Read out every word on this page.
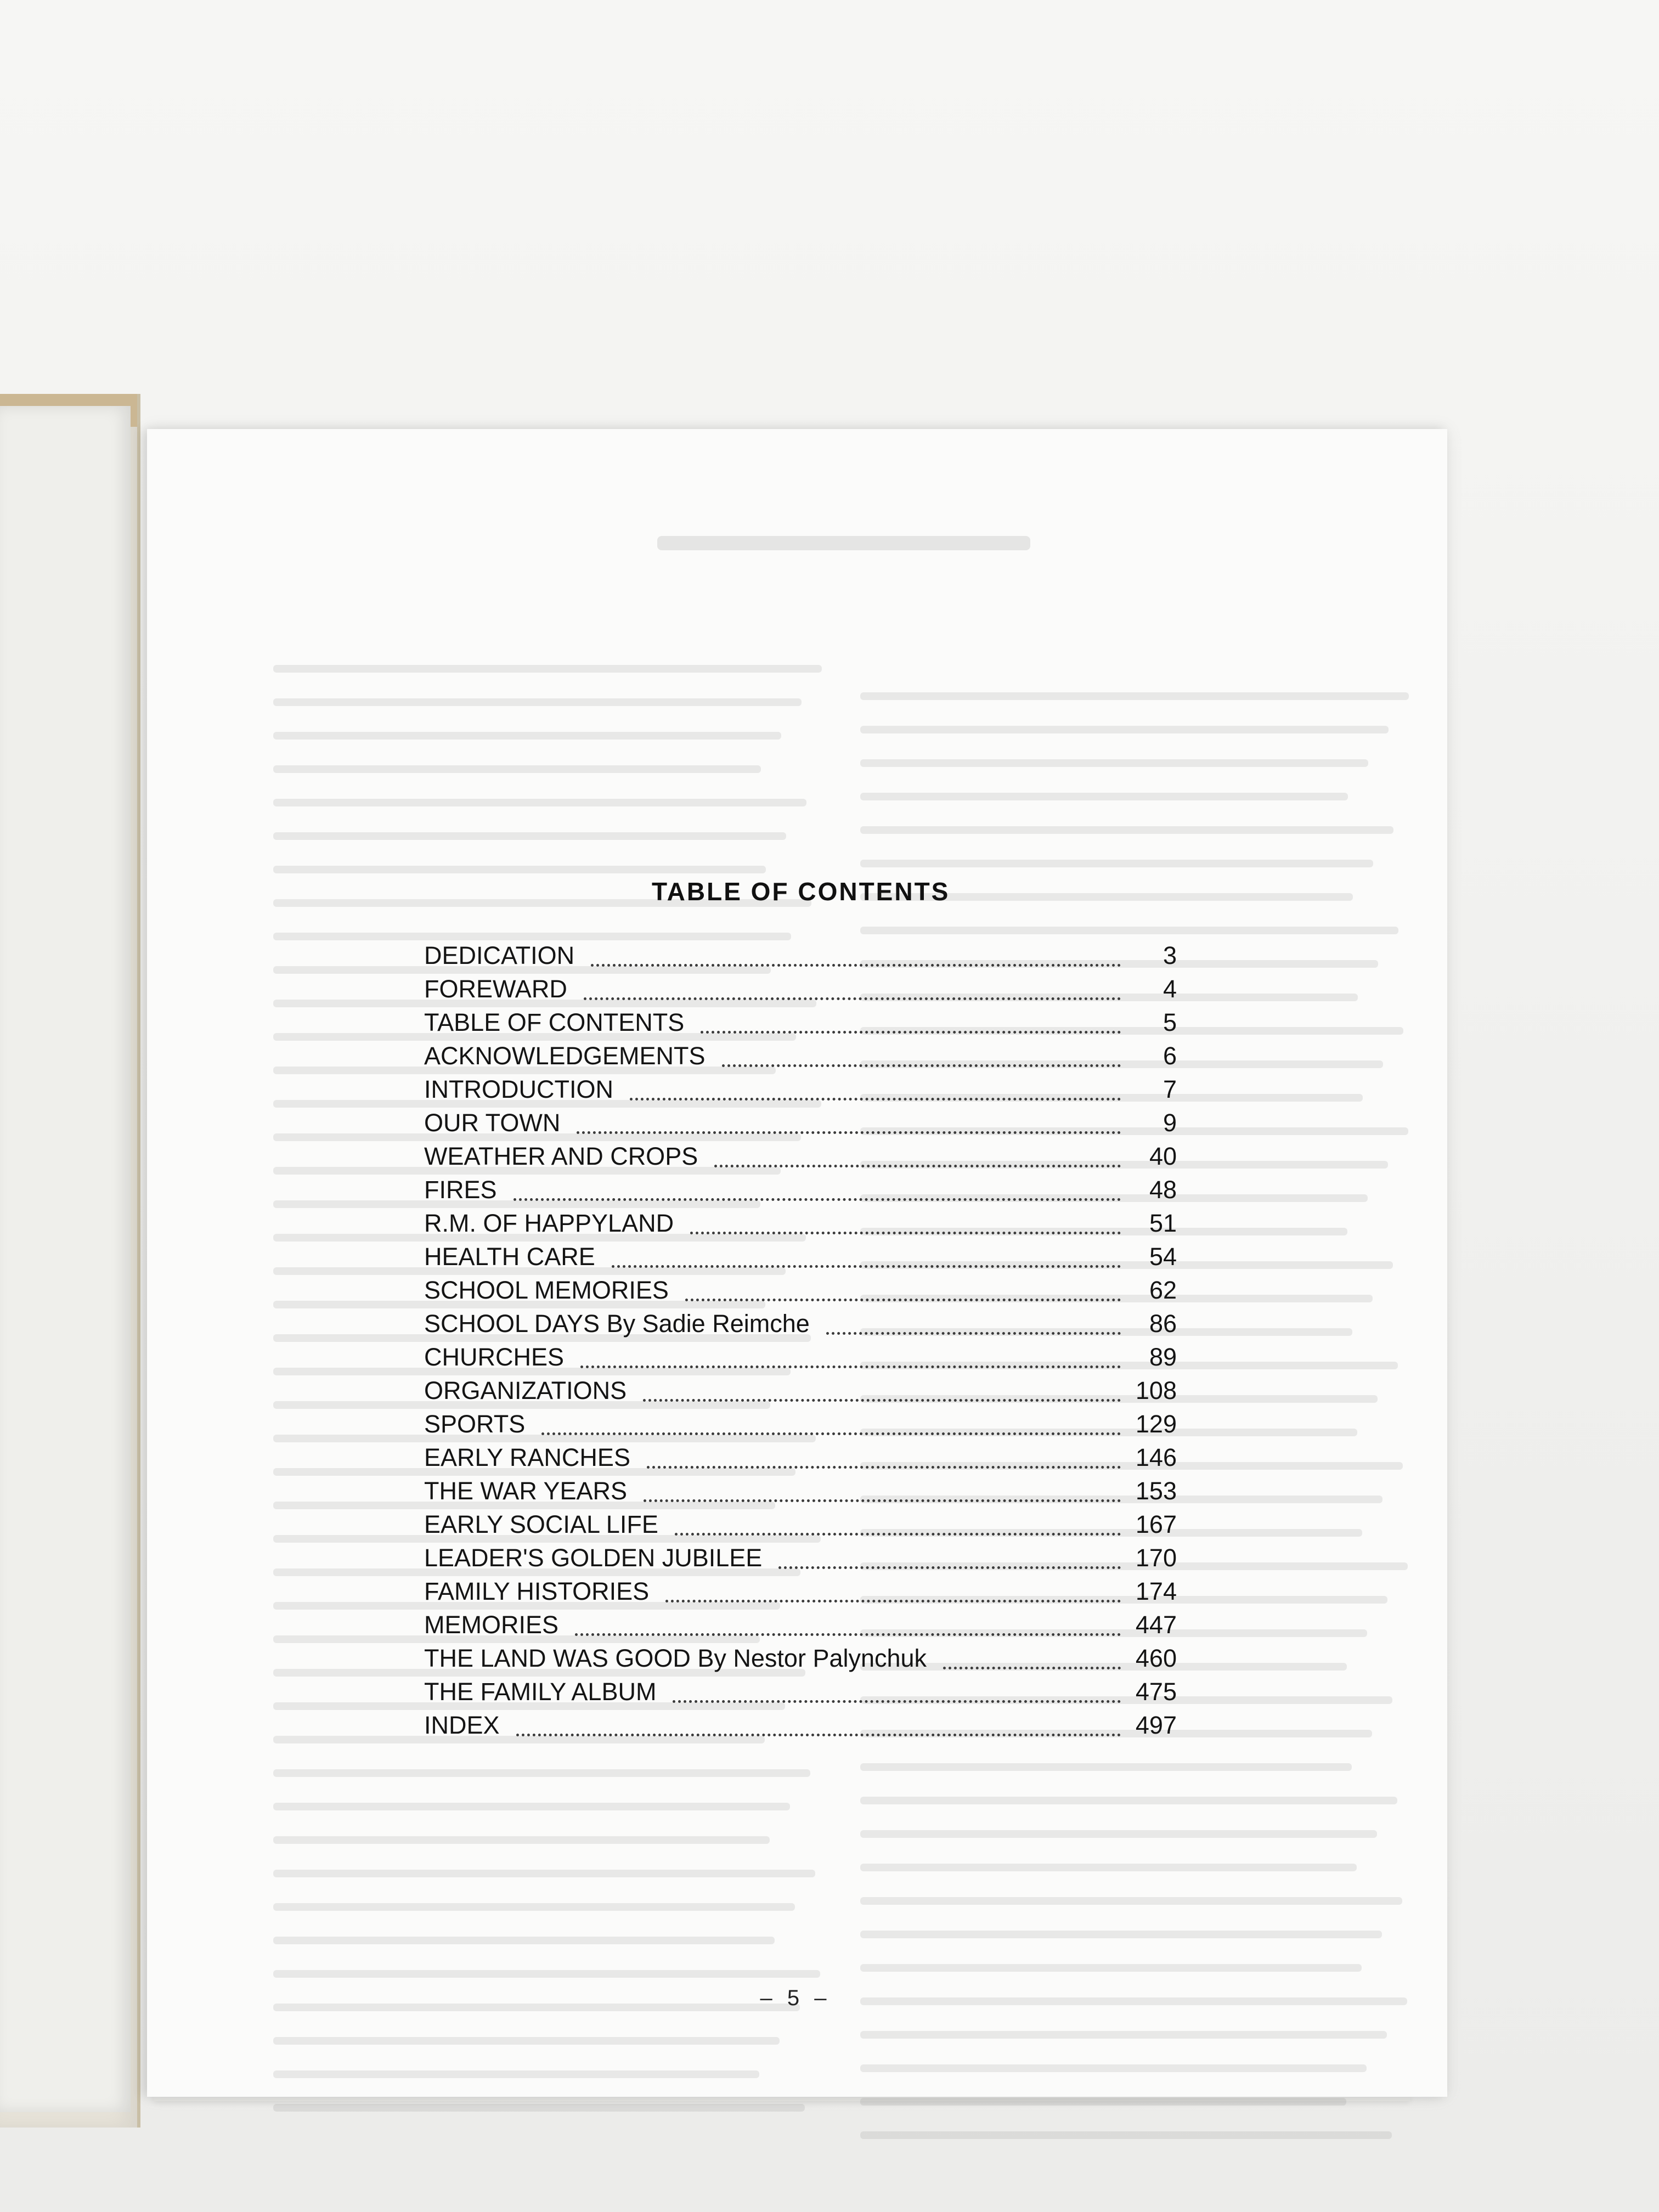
TABLE OF CONTENTS
DEDICATION	3
FOREWARD	4
TABLE OF CONTENTS	5
ACKNOWLEDGEMENTS	6
INTRODUCTION	7
OUR TOWN	9
WEATHER AND CROPS	40
FIRES	48
R.M. OF HAPPYLAND	51
HEALTH CARE	54
SCHOOL MEMORIES	62
SCHOOL DAYS By Sadie Reimche	86
CHURCHES	89
ORGANIZATIONS	108
SPORTS	129
EARLY RANCHES	146
THE WAR YEARS	153
EARLY SOCIAL LIFE	167
LEADER'S GOLDEN JUBILEE	170
FAMILY HISTORIES	174
MEMORIES	447
THE LAND WAS GOOD By Nestor Palynchuk	460
THE FAMILY ALBUM	475
INDEX	497
– 5 –
